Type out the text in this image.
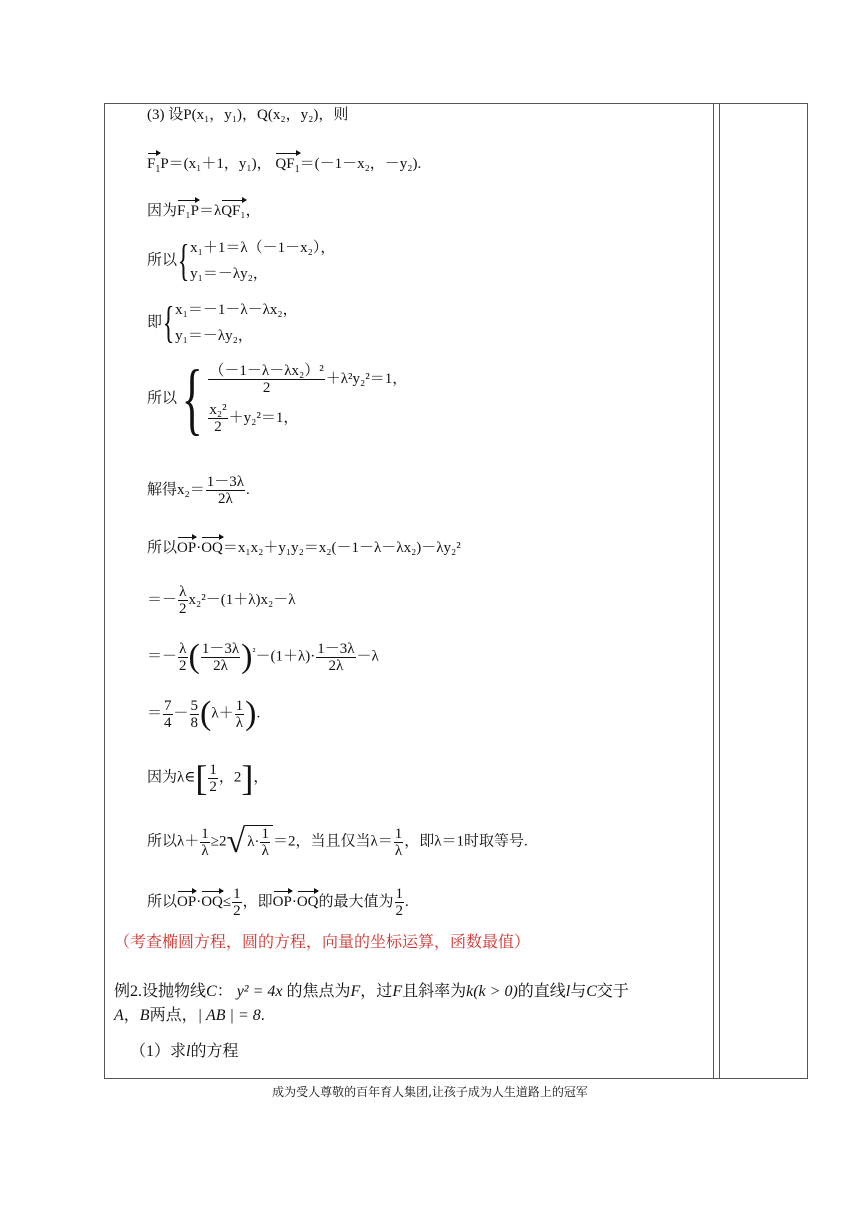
(3) 设P(x₁，y₁)，Q(x₂，y₂)，则
$F_1P=(x_1+1$，y₁)， $QF_1=(-1-x_2$，－y₂).
因为F₁P＝λQF₁，
所以{ x₁＋1＝λ（－1－x₂），
y₁＝－λy₂，
即{ x₁＝－1－λ－λx₂，
y₁＝－λy₂，
所以{ $\frac{\text{（－1－λ－λx₂）²}}{2} +\lambda^2y_2^2=1$，
$\frac{\text{x₂²}}{2} +y_2^2=1$，
解得$x_2= \frac{1-3\lambda}{2\lambda}$ .
所以OP·OQ＝x₁x₂＋y₁y₂＝x₂(－1－λ－λx₂)－λy₂²
＝－ $\frac{\lambda}{2} x_2^2-(1+\lambda)x_2-\lambda$
＝－ $\frac{\lambda}{2}$ ( $\frac{1-3\lambda}{2\lambda} )^{^2}-(1+\lambda)\cdot \frac{1-3\lambda}{2\lambda} -\lambda$
＝ $\frac{7}{4} - \frac{5}{8} (\lambda+ \frac{1}{\lambda}$ ).
因为λ∈[ $\frac{1}{2}$ ，2]，
所以$\lambda+ \frac{1}{\lambda} \ge 2√$ $\lambda\cdot \frac{1}{\lambda} =2$，当且仅当$\lambda= \frac{1}{\lambda}$ ，即λ＝1时取等号.
所以$OP\cdot OQ\le \frac{1}{2}$ ，即OP·OQ的最大值为 $\frac{1}{2}$ .
（考查椭圆方程，圆的方程，向量的坐标运算，函数最值）
例2.设抛物线C： y² = 4x 的焦点为F，过F且斜率为k(k > 0)的直线l与C交于
A，B两点，| AB | = 8.
（1）求l的方程
成为受人尊敬的百年育人集团,让孩子成为人生道路上的冠军
